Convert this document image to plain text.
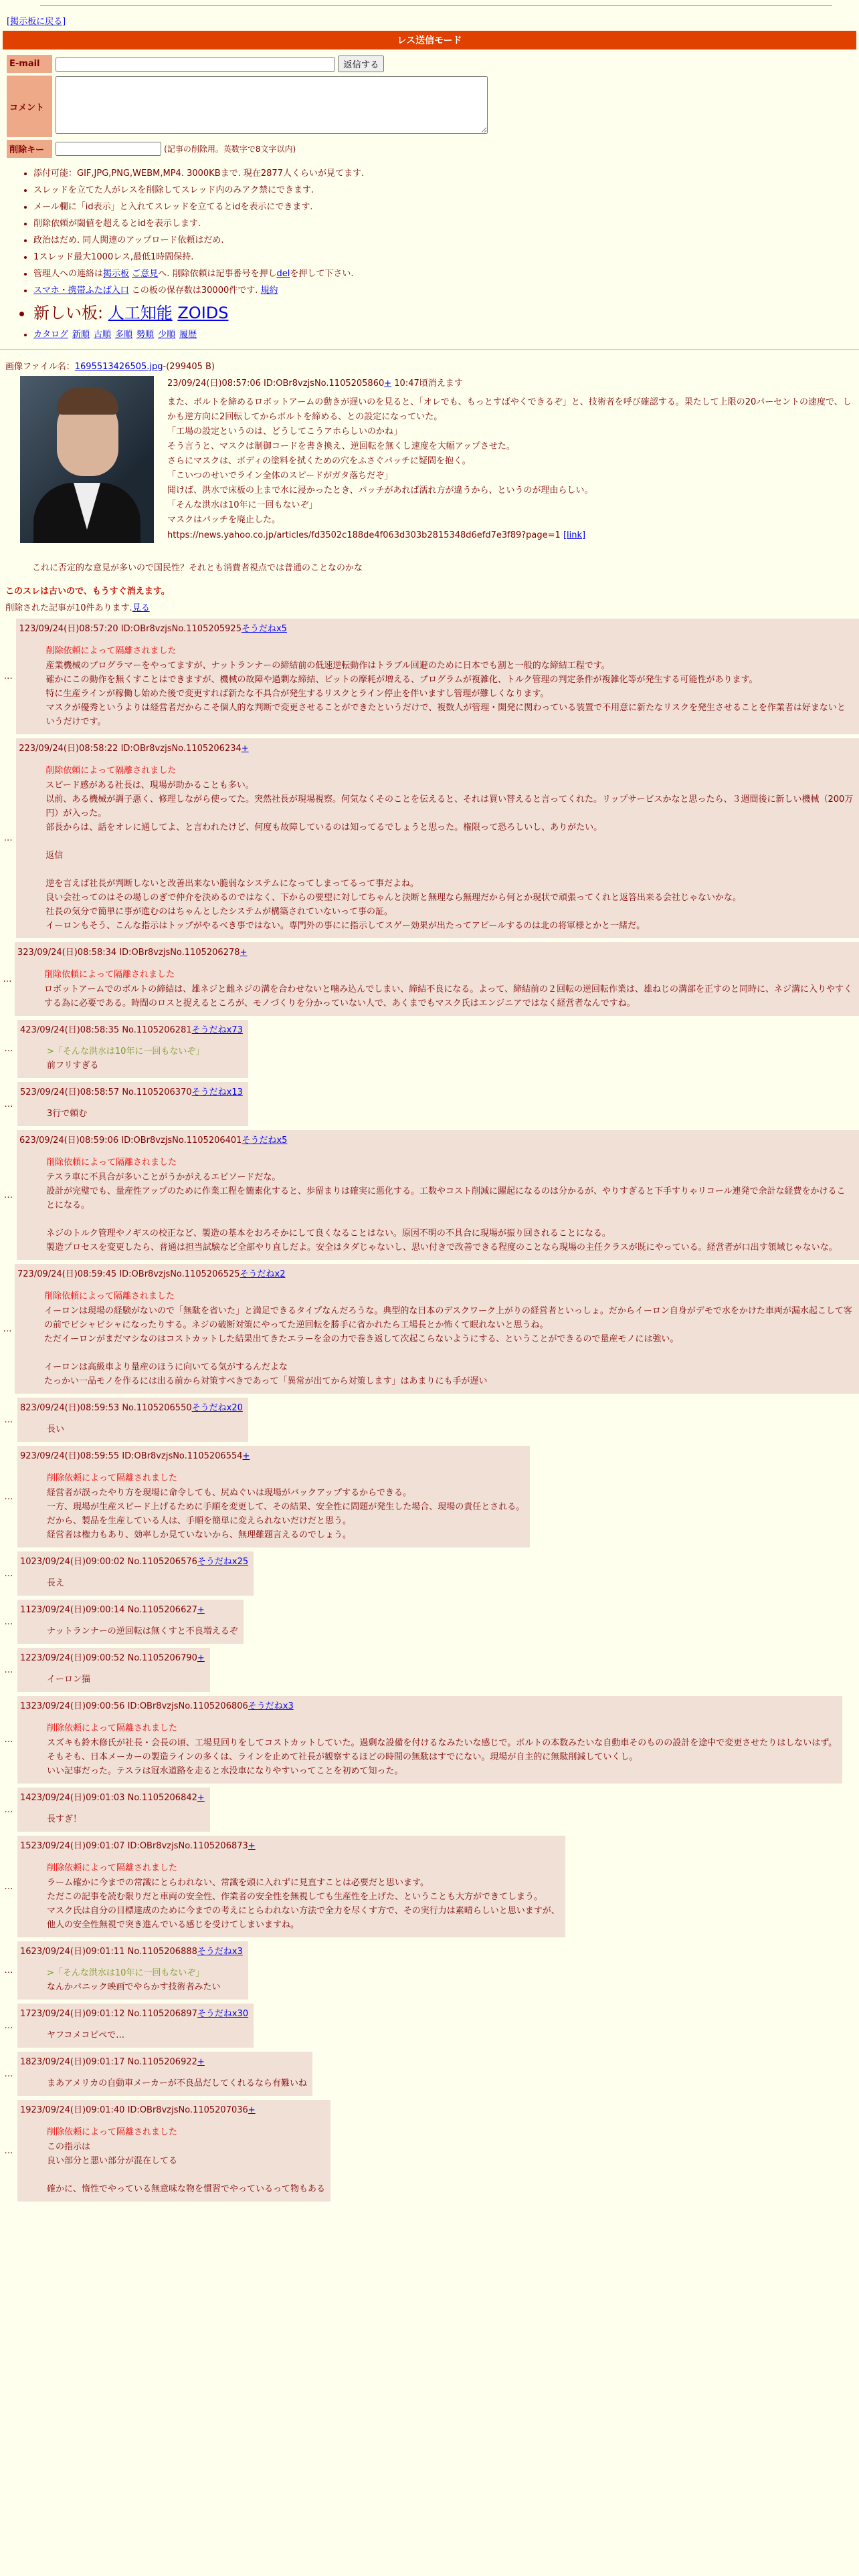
[掲示板に戻る]
レス送信モード
E-mail	返信する
コメント	
削除キー	(記事の削除用。英数字で8文字以内)
• 添付可能：GIF,JPG,PNG,WEBM,MP4. 3000KBまで. 現在2877人くらいが見てます.
• スレッドを立てた人がレスを削除してスレッド内のみアク禁にできます.
• メール欄に「id表示」と入れてスレッドを立てるとidを表示にできます.
• 削除依頼が閾値を超えるとidを表示します.
• 政治はだめ. 同人関連のアップロード依頼はだめ.
• 1スレッド最大1000レス,最低1時間保持.
• 管理人への連絡は掲示板 ご意見へ. 削除依頼は記事番号を押しdelを押して下さい.
• スマホ・携帯ふたば入口 この板の保存数は30000件です. 規約
• 新しい板: 人工知能 ZOIDS
• カタログ 新順 古順 多順 勢順 少順 履歴
画像ファイル名：1695513426505.jpg-(299405 B)
23/09/24(日)08:57:06 ID:OBr8vzjsNo.1105205860+ 10:47頃消えます

また、ボルトを締めるロボットアームの動きが遅いのを見ると、「オレでも、もっとすばやくできるぞ」と、技術者を呼び確認する。果たして上限の20パーセントの速度で、しかも逆方向に2回転してからボルトを締める、との設定になっていた。

「工場の設定というのは、どうしてこうアホらしいのかね」

そう言うと、マスクは制御コードを書き換え、逆回転を無くし速度を大幅アップさせた。

さらにマスクは、ボディの塗料を拭くための穴をふさぐパッチに疑問を抱く。

「こいつのせいでライン全体のスピードがガタ落ちだぞ」

聞けば、洪水で床板の上まで水に浸かったとき、パッチがあれば濡れ方が違うから、というのが理由らしい。

「そんな洪水は10年に一回もないぞ」

マスクはパッチを廃止した。

https://news.yahoo.co.jp/articles/fd3502c188de4f063d303b2815348d6efd7e3f89?page=1 [link]
これに否定的な意見が多いので国民性？それとも消費者視点では普通のことなのかな
このスレは古いので、もうすぐ消えます。
削除された記事が10件あります.見る
…
123/09/24(日)08:57:20 ID:OBr8vzjsNo.1105205925そうだねx5
削除依頼によって隔離されました

産業機械のプログラマーをやってますが、ナットランナーの締結前の低速逆転動作はトラブル回避のために日本でも割と一般的な締結工程です。

確かにこの動作を無くすことはできますが、機械の故障や過剰な締結、ビットの摩耗が増える、プログラムが複雑化、トルク管理の判定条件が複雑化等が発生する可能性があります。

特に生産ラインが稼働し始めた後で変更すれば新たな不具合が発生するリスクとライン停止を伴いますし管理が難しくなります。

マスクが優秀というよりは経営者だからこそ個人的な判断で変更させることができたというだけで、複数人が管理・開発に関わっている装置で不用意に新たなリスクを発生させることを作業者は好まないというだけです。

…
223/09/24(日)08:58:22 ID:OBr8vzjsNo.1105206234+
削除依頼によって隔離されました

スピード感がある社長は、現場が助かることも多い。

以前、ある機械が調子悪く、修理しながら使ってた。突然社長が現場視察。何気なくそのことを伝えると、それは買い替えると言ってくれた。リップサービスかなと思ったら、３週間後に新しい機械（200万円）が入った。

部長からは、話をオレに通してよ、と言われたけど、何度も故障しているのは知ってるでしょうと思った。権限って恐ろしいし、ありがたい。

返信

逆を言えば社長が判断しないと改善出来ない脆弱なシステムになってしまってるって事だよね。

良い会社ってのはその場しのぎで仲介を決めるのではなく、下からの要望に対してちゃんと決断と無理なら無理だから何とか現状で頑張ってくれと返答出来る会社じゃないかな。

社長の気分で簡単に事が進むのはちゃんとしたシステムが構築されていないって事の証。

イーロンもそう、こんな指示はトップがやるべき事ではない。専門外の事にに指示してスゲー効果が出たってアピールするのは北の将軍様とかと一緒だ。

…
323/09/24(日)08:58:34 ID:OBr8vzjsNo.1105206278+
削除依頼によって隔離されました

ロボットアームでのボルトの締結は、雄ネジと雌ネジの溝を合わせないと噛み込んでしまい、締結不良になる。よって、締結前の２回転の逆回転作業は、雄ねじの溝部を正すのと同時に、ネジ溝に入りやすくする為に必要である。時間のロスと捉えるところが、モノづくりを分かっていない人で、あくまでもマスク氏はエンジニアではなく経営者なんですね。

…
423/09/24(日)08:58:35 No.1105206281そうだねx73

>「そんな洪水は10年に一回もないぞ」

前フリすぎる

…
523/09/24(日)08:58:57 No.1105206370そうだねx13

3行で頼む

…
623/09/24(日)08:59:06 ID:OBr8vzjsNo.1105206401そうだねx5
削除依頼によって隔離されました

テスラ車に不具合が多いことがうかがえるエピソードだな。

設計が完璧でも、量産性アップのために作業工程を簡素化すると、歩留まりは確実に悪化する。工数やコスト削減に躍起になるのは分かるが、やりすぎると下手すりゃリコール連発で余計な経費をかけることになる。

ネジのトルク管理やノギスの校正など、製造の基本をおろそかにして良くなることはない。原因不明の不具合に現場が振り回されることになる。

製造プロセスを変更したら、普通は担当試験など全部やり直しだよ。安全はタダじゃないし、思い付きで改善できる程度のことなら現場の主任クラスが既にやっている。経営者が口出す領域じゃないな。

…
723/09/24(日)08:59:45 ID:OBr8vzjsNo.1105206525そうだねx2
削除依頼によって隔離されました

イーロンは現場の経験がないので「無駄を省いた」と満足できるタイプなんだろうな。典型的な日本のデスクワーク上がりの経営者といっしょ。だからイーロン自身がデモで水をかけた車両が漏水起こして客の前でビシャビシャになったりする。ネジの破断対策にやってた逆回転を勝手に省かれたら工場長とか怖くて眠れないと思うね。

ただイーロンがまだマシなのはコストカットした結果出てきたエラーを金の力で巻き返して次起こらないようにする、ということができるので量産モノには強い。

イーロンは高級車より量産のほうに向いてる気がするんだよな

たっかい一品モノを作るには出る前から対策すべきであって「異常が出てから対策します」はあまりにも手が遅い

…
823/09/24(日)08:59:53 No.1105206550そうだねx20

長い

…
923/09/24(日)08:59:55 ID:OBr8vzjsNo.1105206554+
削除依頼によって隔離されました

経営者が誤ったやり方を現場に命令しても、尻ぬぐいは現場がバックアップするからできる。

一方、現場が生産スピード上げるために手順を変更して、その結果、安全性に問題が発生した場合、現場の責任とされる。

だから、製品を生産している人は、手順を簡単に変えられないだけだと思う。

経営者は権力もあり、効率しか見ていないから、無理難題言えるのでしょう。

…
1023/09/24(日)09:00:02 No.1105206576そうだねx25

長え

…
1123/09/24(日)09:00:14 No.1105206627+

ナットランナーの逆回転は無くすと不良増えるぞ

…
1223/09/24(日)09:00:52 No.1105206790+

イーロン猫

…
1323/09/24(日)09:00:56 ID:OBr8vzjsNo.1105206806そうだねx3
削除依頼によって隔離されました

スズキも鈴木修氏が社長・会長の頃、工場見回りをしてコストカットしていた。過剰な設備を付けるなみたいな感じで。ボルトの本数みたいな自動車そのものの設計を途中で変更させたりはしないはず。

そもそも、日本メーカーの製造ラインの多くは、ラインを止めて社長が観察するほどの時間の無駄はすでにない。現場が自主的に無駄削減していくし。

いい記事だった。テスラは冠水道路を走ると水没車になりやすいってことを初めて知った。

…
1423/09/24(日)09:01:03 No.1105206842+

長すぎ！

…
1523/09/24(日)09:01:07 ID:OBr8vzjsNo.1105206873+
削除依頼によって隔離されました

ラーム確かに今までの常識にとらわれない、常識を頭に入れずに見直すことは必要だと思います。

ただこの記事を読む限りだと車両の安全性、作業者の安全性を無視しても生産性を上げた、ということも大方ができてしまう。

マスク氏は自分の目標達成のために今までの考えにとらわれない方法で全力を尽くす方で、その実行力は素晴らしいと思いますが、

他人の安全性無視で突き進んでいる感じを受けてしまいますね。

…
1623/09/24(日)09:01:11 No.1105206888そうだねx3

>「そんな洪水は10年に一回もないぞ」

なんかパニック映画でやらかす技術者みたい

…
1723/09/24(日)09:01:12 No.1105206897そうだねx30

ヤフコメコピペで…

…
1823/09/24(日)09:01:17 No.1105206922+

まあアメリカの自動車メーカーが不良品だしてくれるなら有難いね

…
1923/09/24(日)09:01:40 ID:OBr8vzjsNo.1105207036+
削除依頼によって隔離されました

この指示は

良い部分と悪い部分が混在してる

確かに、惰性でやっている無意味な物を慣習でやっているって物もある
